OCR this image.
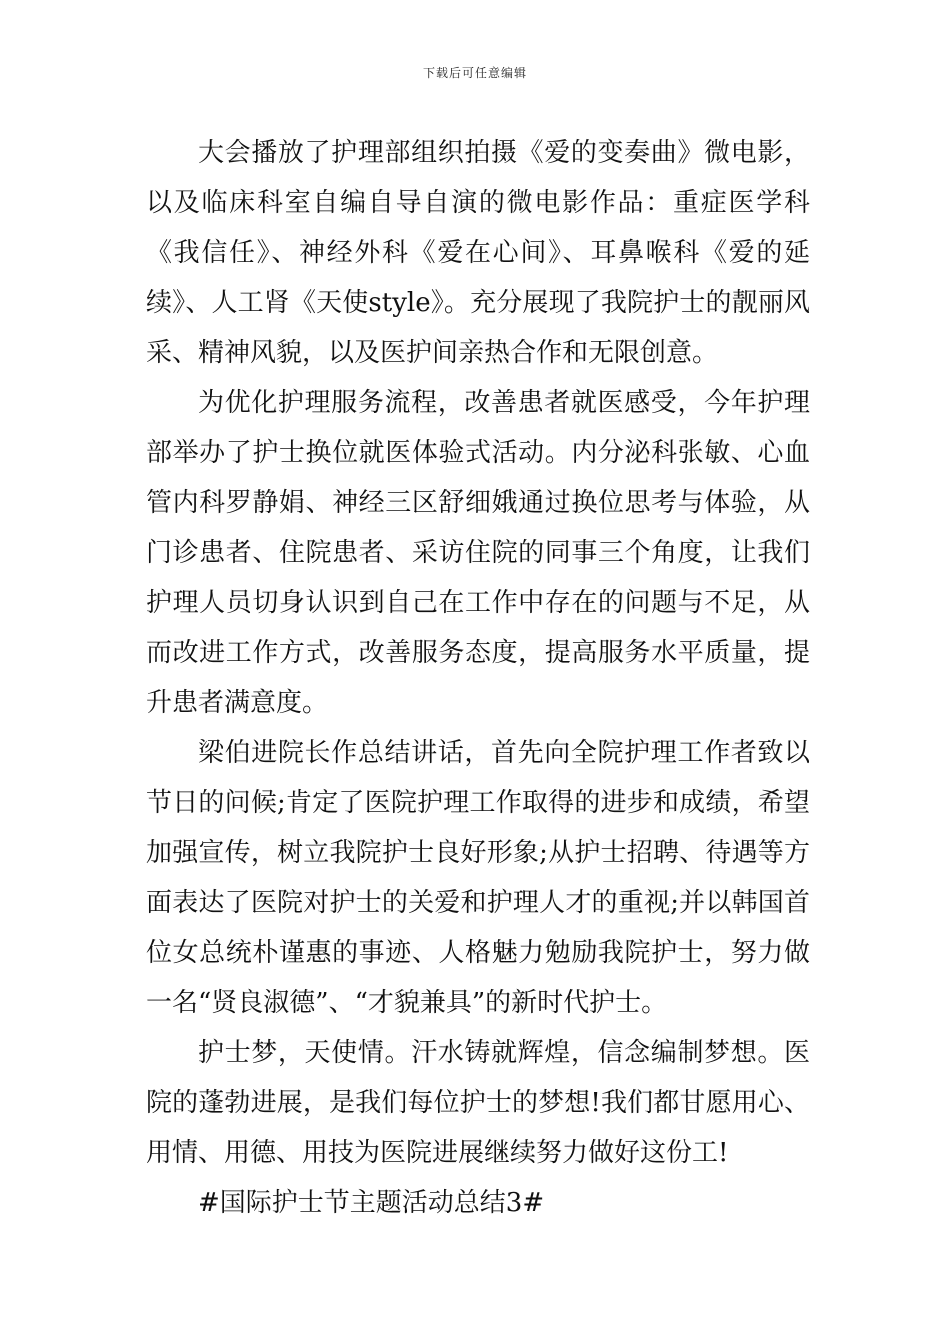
下载后可任意编辑

大会播放了护理部组织拍摄《爱的变奏曲》微电影，以及临床科室自编自导自演的微电影作品：重症医学科《我信任》、神经外科《爱在心间》、耳鼻喉科《爱的延续》、人工肾《天使style》。充分展现了我院护士的靓丽风采、精神风貌，以及医护间亲热合作和无限创意。

为优化护理服务流程，改善患者就医感受，今年护理部举办了护士换位就医体验式活动。内分泌科张敏、心血管内科罗静娟、神经三区舒细娥通过换位思考与体验，从门诊患者、住院患者、采访住院的同事三个角度，让我们护理人员切身认识到自己在工作中存在的问题与不足，从而改进工作方式，改善服务态度，提高服务水平质量，提升患者满意度。

梁伯进院长作总结讲话，首先向全院护理工作者致以节日的问候;肯定了医院护理工作取得的进步和成绩，希望加强宣传，树立我院护士良好形象;从护士招聘、待遇等方面表达了医院对护士的关爱和护理人才的重视;并以韩国首位女总统朴谨惠的事迹、人格魅力勉励我院护士，努力做一名“贤良淑德”、“才貌兼具”的新时代护士。

护士梦，天使情。汗水铸就辉煌，信念编制梦想。医院的蓬勃进展，是我们每位护士的梦想!我们都甘愿用心、用情、用德、用技为医院进展继续努力做好这份工!

#国际护士节主题活动总结3#
